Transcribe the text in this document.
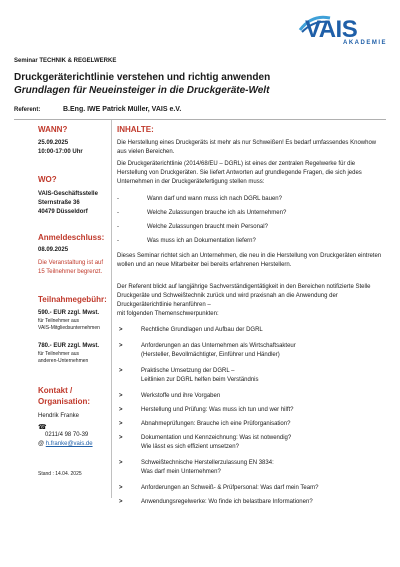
VAIS
AKADEMIE
Seminar TECHNIK & REGELWERKE
Druckgeräterichtlinie verstehen und richtig anwenden
Grundlagen für Neueinsteiger in die Druckgeräte-Welt
Referent:	B.Eng. IWE Patrick Müller, VAIS e.V.
WANN?
25.09.2025
10:00-17:00 Uhr
WO?
VAIS-Geschäftsstelle
Sternstraße 36
40479 Düsseldorf
Anmeldeschluss:
08.09.2025
Die Veranstaltung ist auf
15 Teilnehmer begrenzt.
Teilnahmegebühr:
590.- EUR zzgl. Mwst.
für Teilnehmer aus
VAIS-Mitgliedsunternehmen
780.- EUR zzgl. Mwst.
für Teilnehmer aus
anderen-Unternehmen
Kontakt /
Organisation:
Hendrik Franke
☎
0211/4 98 70-39
@ h.franke@vais.de
Stand : 14.04. 2025
INHALTE:
Die Herstellung eines Druckgeräts ist mehr als nur Schweißen! Es bedarf umfassendes Knowhow aus vielen Bereichen.
Die Druckgeräterichtlinie (2014/68/EU – DGRL) ist eines der zentralen Regelwerke für die Herstellung von Druckgeräten. Sie liefert Antworten auf grundlegende Fragen, die sich jedes Unternehmen in der Druckgerätefertigung stellen muss:
-	Wann darf und wann muss ich nach DGRL bauen?
-	Welche Zulassungen brauche ich als Unternehmen?
-	Welche Zulassungen braucht mein Personal?
-	Was muss ich an Dokumentation liefern?
Dieses Seminar richtet sich an Unternehmen, die neu in die Herstellung von Druckgeräten eintreten wollen und an neue Mitarbeiter bei bereits erfahrenen Herstellern.
Der Referent blickt auf langjährige Sachverständigentätigkeit in den Bereichen notifizierte Stelle Druckgeräte und Schweißtechnik zurück und wird praxisnah an die Anwendung der Druckgeräterichtlinie heranführen –
mit folgenden Themenschwerpunkten:
>	Rechtliche Grundlagen und Aufbau der DGRL
>	Anforderungen an das Unternehmen als Wirtschaftsakteur
(Hersteller, Bevollmächtigter, Einführer und Händler)
>	Praktische Umsetzung der DGRL –
Leitlinien zur DGRL helfen beim Verständnis
>	Werkstoffe und ihre Vorgaben
>	Herstellung und Prüfung: Was muss ich tun und wer hilft?
>	Abnahmeprüfungen: Brauche ich eine Prüforganisation?
>	Dokumentation und Kennzeichnung: Was ist notwendig?
Wie lässt es sich effizient umsetzen?
>	Schweißtechnische Herstellerzulassung EN 3834:
Was darf mein Unternehmen?
>	Anforderungen an Schweiß- & Prüfpersonal: Was darf mein Team?
>	Anwendungsregelwerke: Wo finde ich belastbare Informationen?
